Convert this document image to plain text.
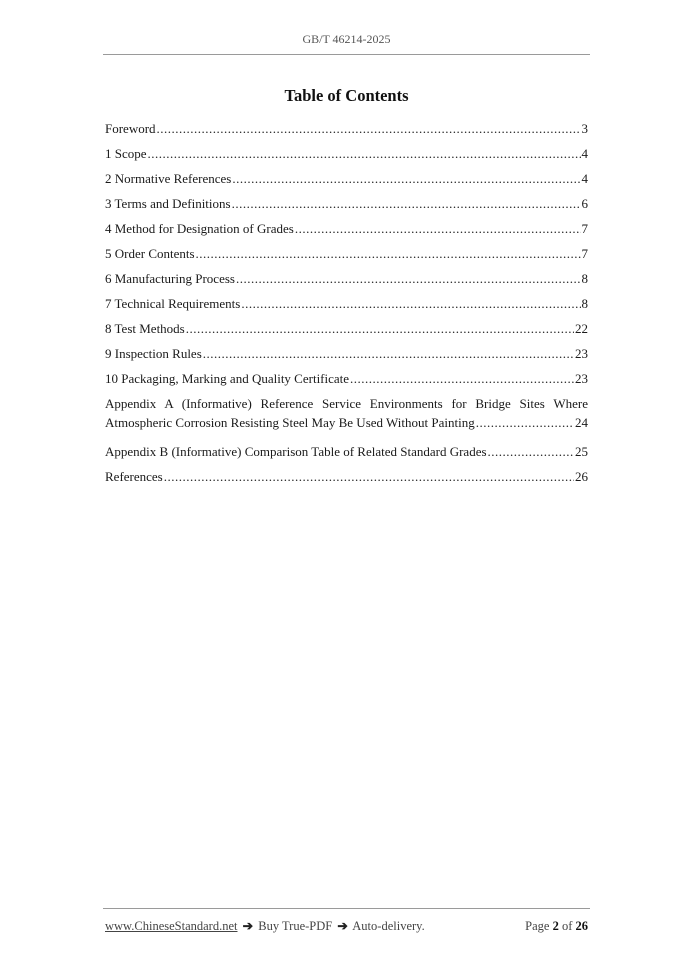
GB/T 46214-2025
Table of Contents
Foreword .....	3
1 Scope .....	4
2 Normative References .....	4
3 Terms and Definitions .....	6
4 Method for Designation of Grades .....	7
5 Order Contents .....	7
6 Manufacturing Process .....	8
7 Technical Requirements .....	8
8 Test Methods .....	22
9 Inspection Rules .....	23
10 Packaging, Marking and Quality Certificate .....	23
Appendix A (Informative) Reference Service Environments for Bridge Sites Where
Atmospheric Corrosion Resisting Steel May Be Used Without Painting .....	24
Appendix B (Informative) Comparison Table of Related Standard Grades .....	25
References .....	26
www.ChineseStandard.net ➔ Buy True-PDF ➔ Auto-delivery.	Page 2 of 26
